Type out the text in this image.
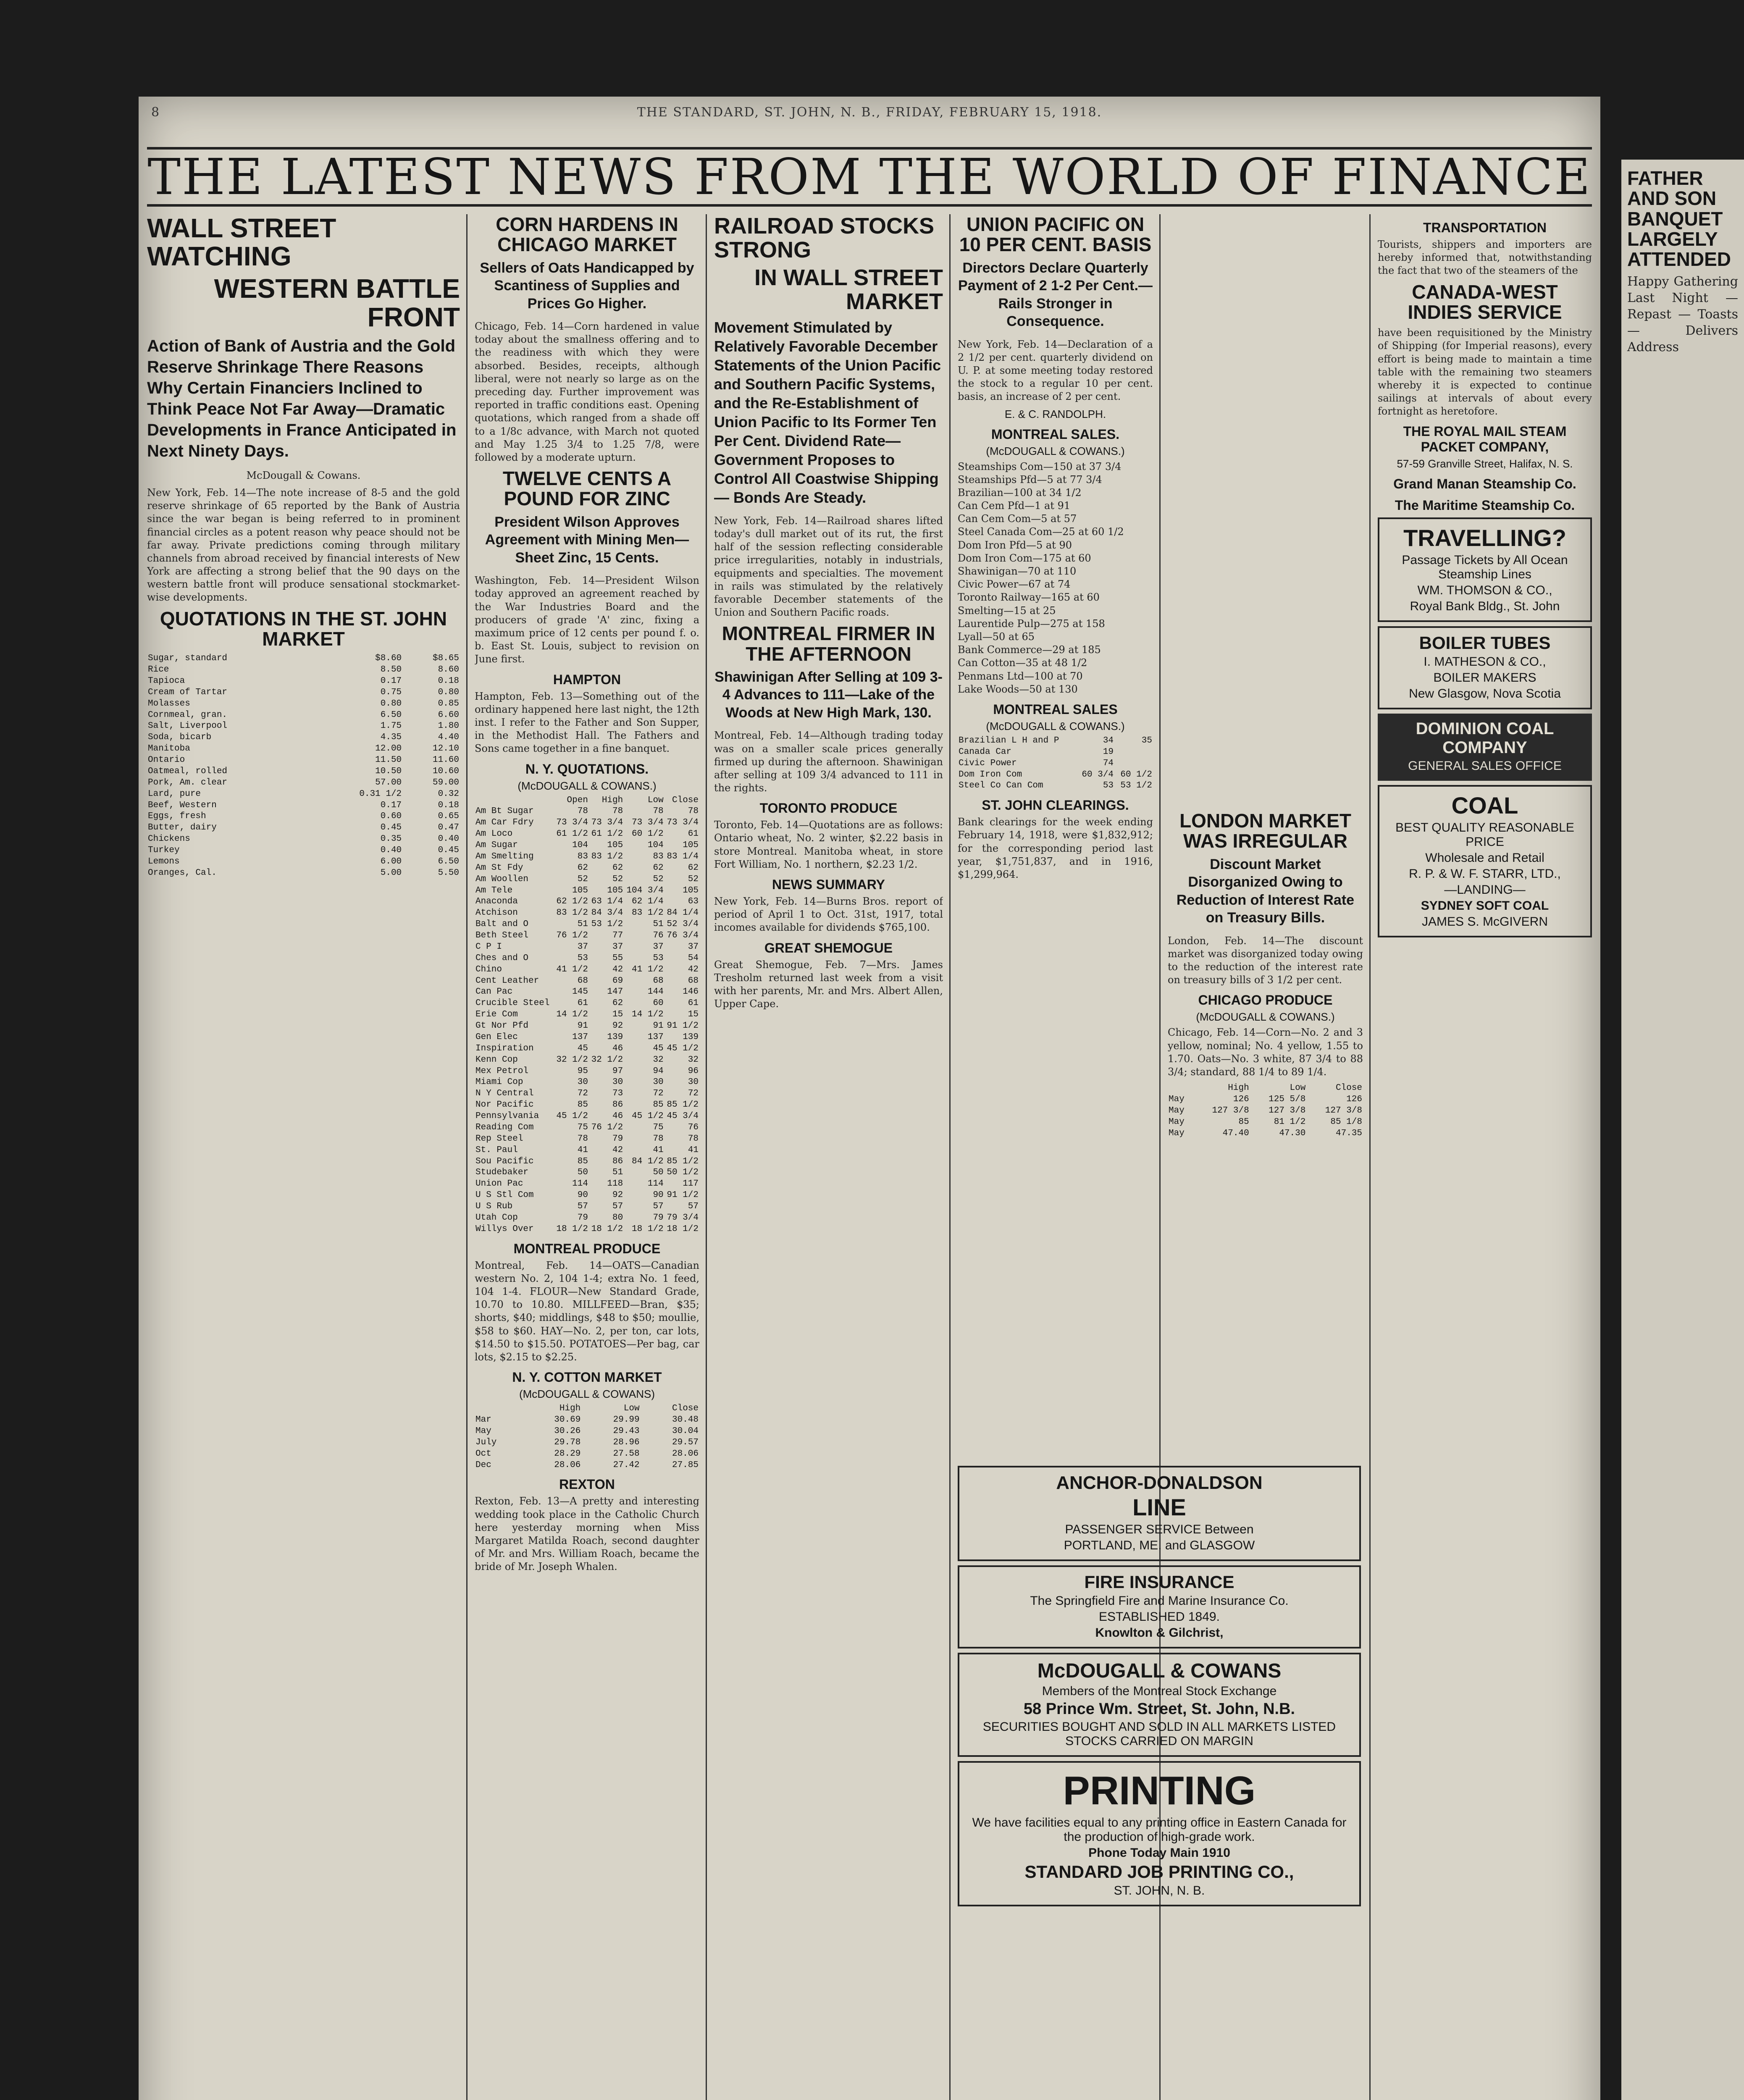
FATHER AND SON BANQUET LARGELY ATTENDED
Happy Gathering Last Night — Repast — Toasts — Delivers Address
8	THE STANDARD, ST. JOHN, N. B., FRIDAY, FEBRUARY 15, 1918.
THE LATEST NEWS FROM THE WORLD OF FINANCE
WALL STREET WATCHING
WESTERN BATTLE FRONT
Action of Bank of Austria and the Gold Reserve Shrinkage There Reasons Why Certain Financiers Inclined to Think Peace Not Far Away—Dramatic Developments in France Anticipated in Next Ninety Days.
McDougall & Cowans.
New York, Feb. 14—The note increase of 8-5 and the gold reserve shrinkage of 65 reported by the Bank of Austria since the war began is being referred to in prominent financial circles as a potent reason why peace should not be far away. Private predictions coming through military channels from abroad received by financial interests of New York are affecting a strong belief that the 90 days on the western battle front will produce sensational stockmarket-wise developments.
QUOTATIONS IN THE ST. JOHN MARKET
Sugar, standard	$8.60	$8.65
Rice	8.50	8.60
Tapioca	0.17	0.18
Cream of Tartar	0.75	0.80
Molasses	0.80	0.85
Cornmeal, gran.	6.50	6.60
Salt, Liverpool	1.75	1.80
Soda, bicarb	4.35	4.40
Manitoba	12.00	12.10
Ontario	11.50	11.60
Oatmeal, rolled	10.50	10.60
Pork, Am. clear	57.00	59.00
Lard, pure	0.31 1/2	0.32
Beef, Western	0.17	0.18
Eggs, fresh	0.60	0.65
Butter, dairy	0.45	0.47
Chickens	0.35	0.40
Turkey	0.40	0.45
Lemons	6.00	6.50
Oranges, Cal.	5.00	5.50
CORN HARDENS IN CHICAGO MARKET
Sellers of Oats Handicapped by Scantiness of Supplies and Prices Go Higher.
Chicago, Feb. 14—Corn hardened in value today about the smallness offering and to the readiness with which they were absorbed. Besides, receipts, although liberal, were not nearly so large as on the preceding day. Further improvement was reported in traffic conditions east. Opening quotations, which ranged from a shade off to a 1/8c advance, with March not quoted and May 1.25 3/4 to 1.25 7/8, were followed by a moderate upturn.
TWELVE CENTS A POUND FOR ZINC
President Wilson Approves Agreement with Mining Men—Sheet Zinc, 15 Cents.
Washington, Feb. 14—President Wilson today approved an agreement reached by the War Industries Board and the producers of grade 'A' zinc, fixing a maximum price of 12 cents per pound f. o. b. East St. Louis, subject to revision on June first.
HAMPTON
Hampton, Feb. 13—Something out of the ordinary happened here last night, the 12th inst. I refer to the Father and Son Supper, in the Methodist Hall. The Fathers and Sons came together in a fine banquet.
N. Y. QUOTATIONS.
(McDOUGALL & COWANS.)
	Open	High	Low	Close
Am Bt Sugar	78	78	78	78
Am Car Fdry	73 3/4	73 3/4	73 3/4	73 3/4
Am Loco	61 1/2	61 1/2	60 1/2	61
Am Sugar	104	105	104	105
Am Smelting	83	83 1/2	83	83 1/4
Am St Fdy	62	62	62	62
Am Woollen	52	52	52	52
Am Tele	105	105	104 3/4	105
Anaconda	62 1/2	63 1/4	62 1/4	63
Atchison	83 1/2	84 3/4	83 1/2	84 1/4
Balt and O	51	53 1/2	51	52 3/4
Beth Steel	76 1/2	77	76	76 3/4
C P I	37	37	37	37
Ches and O	53	55	53	54
Chino	41 1/2	42	41 1/2	42
Cent Leather	68	69	68	68
Can Pac	145	147	144	146
Crucible Steel	61	62	60	61
Erie Com	14 1/2	15	14 1/2	15
Gt Nor Pfd	91	92	91	91 1/2
Gen Elec	137	139	137	139
Inspiration	45	46	45	45 1/2
Kenn Cop	32 1/2	32 1/2	32	32
Mex Petrol	95	97	94	96
Miami Cop	30	30	30	30
N Y Central	72	73	72	72
Nor Pacific	85	86	85	85 1/2
Pennsylvania	45 1/2	46	45 1/2	45 3/4
Reading Com	75	76 1/2	75	76
Rep Steel	78	79	78	78
St. Paul	41	42	41	41
Sou Pacific	85	86	84 1/2	85 1/2
Studebaker	50	51	50	50 1/2
Union Pac	114	118	114	117
U S Stl Com	90	92	90	91 1/2
U S Rub	57	57	57	57
Utah Cop	79	80	79	79 3/4
Willys Over	18 1/2	18 1/2	18 1/2	18 1/2
MONTREAL PRODUCE
Montreal, Feb. 14—OATS—Canadian western No. 2, 104 1-4; extra No. 1 feed, 104 1-4. FLOUR—New Standard Grade, 10.70 to 10.80. MILLFEED—Bran, $35; shorts, $40; middlings, $48 to $50; moullie, $58 to $60. HAY—No. 2, per ton, car lots, $14.50 to $15.50. POTATOES—Per bag, car lots, $2.15 to $2.25.
N. Y. COTTON MARKET
(McDOUGALL & COWANS)
	High	Low	Close
Mar	30.69	29.99	30.48
May	30.26	29.43	30.04
July	29.78	28.96	29.57
Oct	28.29	27.58	28.06
Dec	28.06	27.42	27.85
REXTON
Rexton, Feb. 13—A pretty and interesting wedding took place in the Catholic Church here yesterday morning when Miss Margaret Matilda Roach, second daughter of Mr. and Mrs. William Roach, became the bride of Mr. Joseph Whalen.
RAILROAD STOCKS STRONG
IN WALL STREET MARKET
Movement Stimulated by Relatively Favorable December Statements of the Union Pacific and Southern Pacific Systems, and the Re-Establishment of Union Pacific to Its Former Ten Per Cent. Dividend Rate—Government Proposes to Control All Coastwise Shipping — Bonds Are Steady.
New York, Feb. 14—Railroad shares lifted today's dull market out of its rut, the first half of the session reflecting considerable price irregularities, notably in industrials, equipments and specialties. The movement in rails was stimulated by the relatively favorable December statements of the Union and Southern Pacific roads.
MONTREAL FIRMER IN THE AFTERNOON
Shawinigan After Selling at 109 3-4 Advances to 111—Lake of the Woods at New High Mark, 130.
Montreal, Feb. 14—Although trading today was on a smaller scale prices generally firmed up during the afternoon. Shawinigan after selling at 109 3/4 advanced to 111 in the rights.
TORONTO PRODUCE
Toronto, Feb. 14—Quotations are as follows: Ontario wheat, No. 2 winter, $2.22 basis in store Montreal. Manitoba wheat, in store Fort William, No. 1 northern, $2.23 1/2.
NEWS SUMMARY
New York, Feb. 14—Burns Bros. report of period of April 1 to Oct. 31st, 1917, total incomes available for dividends $765,100.
GREAT SHEMOGUE
Great Shemogue, Feb. 7—Mrs. James Tresholm returned last week from a visit with her parents, Mr. and Mrs. Albert Allen, Upper Cape.
UNION PACIFIC ON 10 PER CENT. BASIS
Directors Declare Quarterly Payment of 2 1-2 Per Cent.—Rails Stronger in Consequence.
New York, Feb. 14—Declaration of a 2 1/2 per cent. quarterly dividend on U. P. at some meeting today restored the stock to a regular 10 per cent. basis, an increase of 2 per cent.
E. & C. RANDOLPH.
MONTREAL SALES.
(McDOUGALL & COWANS.)
Steamships Com—150 at 37 3/4
Steamships Pfd—5 at 77 3/4
Brazilian—100 at 34 1/2
Can Cem Pfd—1 at 91
Can Cem Com—5 at 57
Steel Canada Com—25 at 60 1/2
Dom Iron Pfd—5 at 90
Dom Iron Com—175 at 60
Shawinigan—70 at 110
Civic Power—67 at 74
Toronto Railway—165 at 60
Smelting—15 at 25
Laurentide Pulp—275 at 158
Lyall—50 at 65
Bank Commerce—29 at 185
Can Cotton—35 at 48 1/2
Penmans Ltd—100 at 70
Lake Woods—50 at 130
MONTREAL SALES
(McDOUGALL & COWANS.)
Brazilian L H and P	34	35
Canada Car	19	
Civic Power	74	
Dom Iron Com	60 3/4	60 1/2
Steel Co Can Com	53	53 1/2
ST. JOHN CLEARINGS.
Bank clearings for the week ending February 14, 1918, were $1,832,912; for the corresponding period last year, $1,751,837, and in 1916, $1,299,964.
TRANSPORTATION
Tourists, shippers and importers are hereby informed that, notwithstanding the fact that two of the steamers of the
CANADA-WEST INDIES SERVICE
have been requisitioned by the Ministry of Shipping (for Imperial reasons), every effort is being made to maintain a time table with the remaining two steamers whereby it is expected to continue sailings at intervals of about every fortnight as heretofore.
THE ROYAL MAIL STEAM PACKET COMPANY,
57-59 Granville Street, Halifax, N. S.
Grand Manan Steamship Co.
The Maritime Steamship Co.
TRAVELLING?
Passage Tickets by All Ocean Steamship Lines
WM. THOMSON & CO.,
Royal Bank Bldg., St. John
BOILER TUBES
I. MATHESON & CO.,
BOILER MAKERS
New Glasgow, Nova Scotia
DOMINION COAL COMPANY
GENERAL SALES OFFICE
COAL
BEST QUALITY REASONABLE PRICE
Wholesale and Retail
R. P. & W. F. STARR, LTD.,
—LANDING—
SYDNEY SOFT COAL
JAMES S. McGIVERN
ANCHOR-DONALDSON
LINE
PASSENGER SERVICE Between
PORTLAND, ME. and GLASGOW
FIRE INSURANCE
The Springfield Fire and Marine Insurance Co.
ESTABLISHED 1849.
Knowlton & Gilchrist,
McDOUGALL & COWANS
Members of the Montreal Stock Exchange
58 Prince Wm. Street, St. John, N.B.
SECURITIES BOUGHT AND SOLD IN ALL MARKETS LISTED STOCKS CARRIED ON MARGIN
PRINTING
We have facilities equal to any printing office in Eastern Canada for the production of high-grade work.
Phone Today Main 1910
STANDARD JOB PRINTING CO.,
ST. JOHN, N. B.
LONDON MARKET WAS IRREGULAR
Discount Market Disorganized Owing to Reduction of Interest Rate on Treasury Bills.
London, Feb. 14—The discount market was disorganized today owing to the reduction of the interest rate on treasury bills of 3 1/2 per cent.
CHICAGO PRODUCE
(McDOUGALL & COWANS.)
Chicago, Feb. 14—Corn—No. 2 and 3 yellow, nominal; No. 4 yellow, 1.55 to 1.70. Oats—No. 3 white, 87 3/4 to 88 3/4; standard, 88 1/4 to 89 1/4.
	High	Low	Close
May	126	125 5/8	126
May	127 3/8	127 3/8	127 3/8
May	85	81 1/2	85 1/8
May	47.40	47.30	47.35
